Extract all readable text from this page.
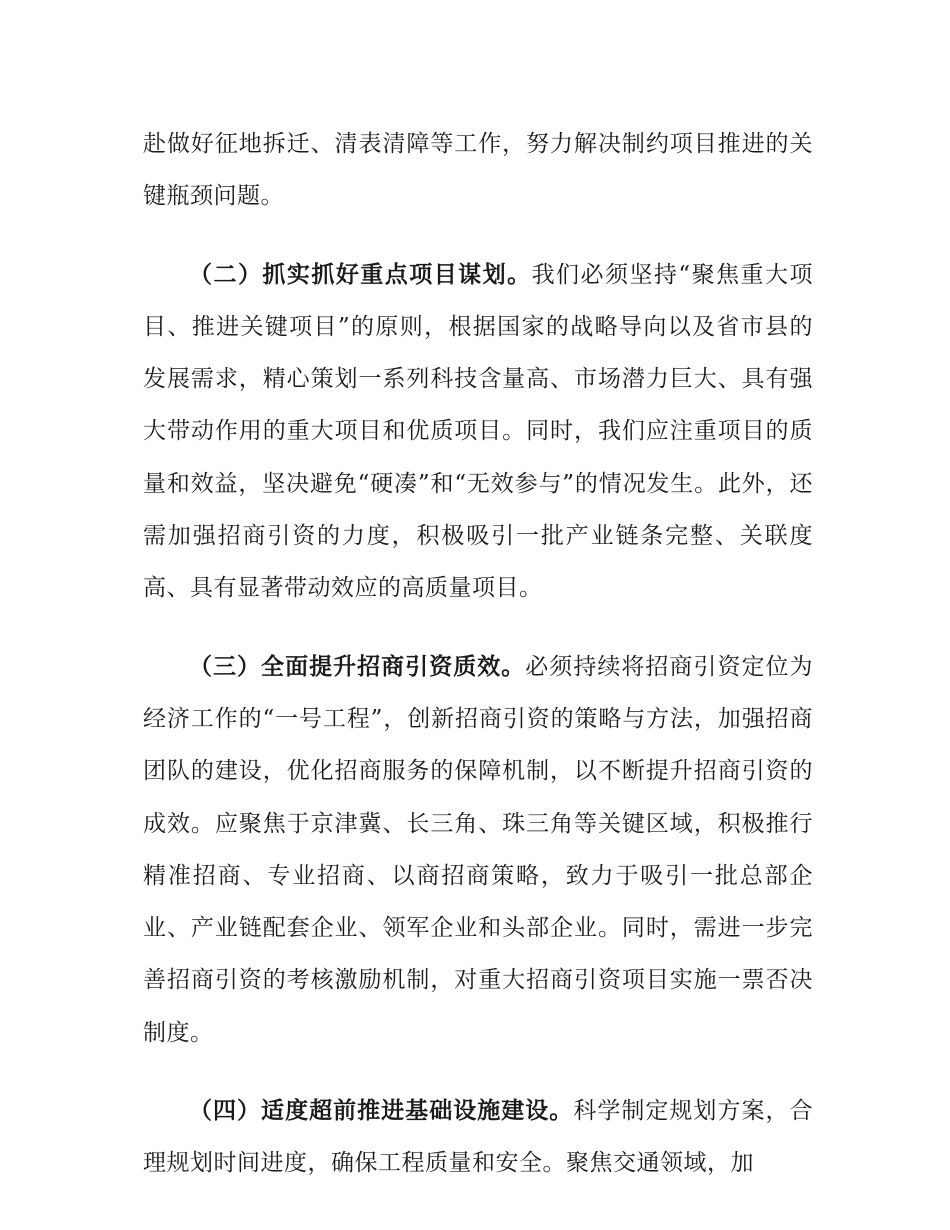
赴做好征地拆迁、清表清障等工作，努力解决制约项目推进的关键瓶颈问题。

（二）抓实抓好重点项目谋划。我们必须坚持“聚焦重大项目、推进关键项目”的原则，根据国家的战略导向以及省市县的发展需求，精心策划一系列科技含量高、市场潜力巨大、具有强大带动作用的重大项目和优质项目。同时，我们应注重项目的质量和效益，坚决避免“硬凑”和“无效参与”的情况发生。此外，还需加强招商引资的力度，积极吸引一批产业链条完整、关联度高、具有显著带动效应的高质量项目。

（三）全面提升招商引资质效。必须持续将招商引资定位为经济工作的“一号工程”，创新招商引资的策略与方法，加强招商团队的建设，优化招商服务的保障机制，以不断提升招商引资的成效。应聚焦于京津冀、长三角、珠三角等关键区域，积极推行精准招商、专业招商、以商招商策略，致力于吸引一批总部企业、产业链配套企业、领军企业和头部企业。同时，需进一步完善招商引资的考核激励机制，对重大招商引资项目实施一票否决制度。

（四）适度超前推进基础设施建设。科学制定规划方案，合理规划时间进度，确保工程质量和安全。聚焦交通领域，加
